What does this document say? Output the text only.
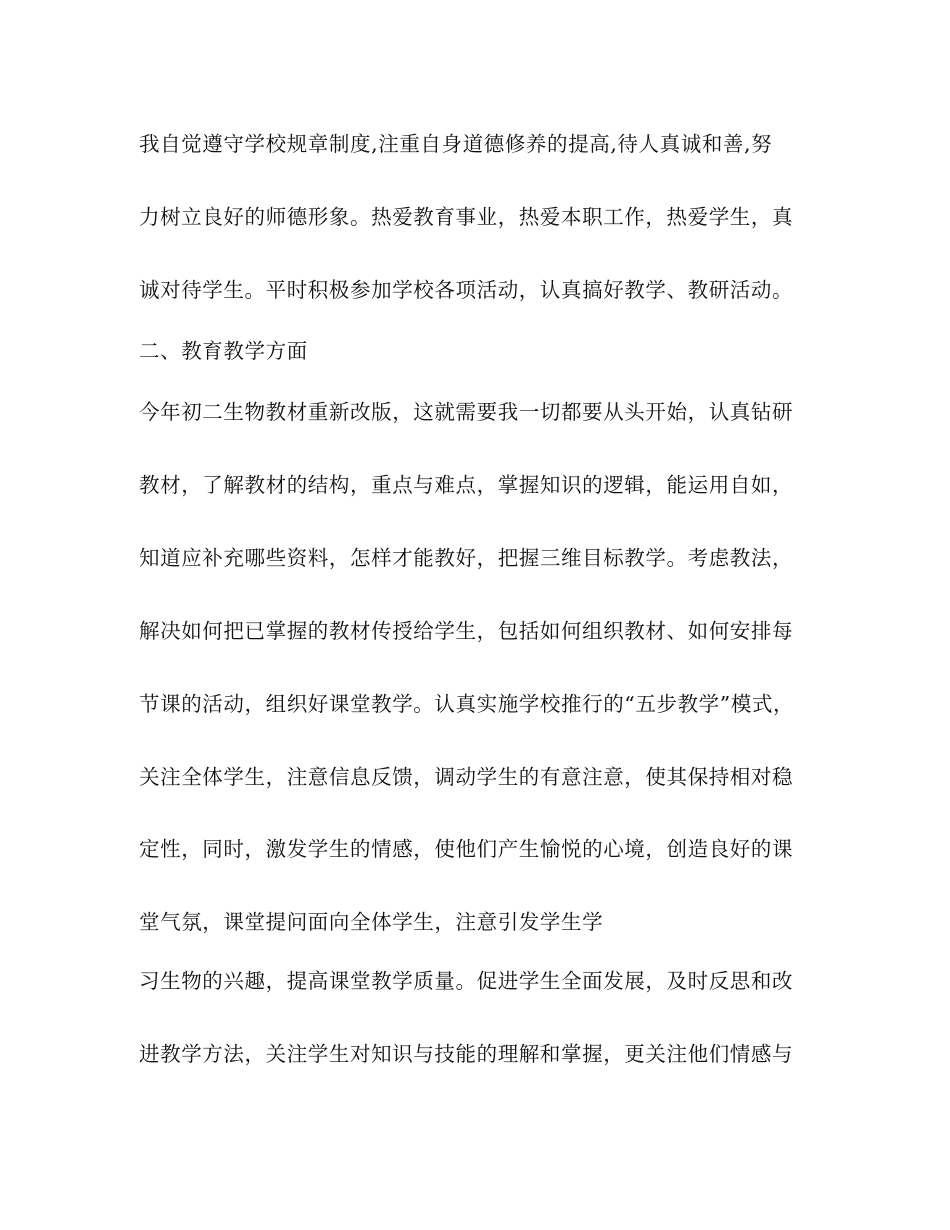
我自觉遵守学校规章制度,注重自身道德修养的提高,待人真诚和善,努
力树立良好的师德形象。热爱教育事业，热爱本职工作，热爱学生，真
诚对待学生。平时积极参加学校各项活动，认真搞好教学、教研活动。
二、教育教学方面
今年初二生物教材重新改版，这就需要我一切都要从头开始，认真钻研
教材，了解教材的结构，重点与难点，掌握知识的逻辑，能运用自如，
知道应补充哪些资料，怎样才能教好，把握三维目标教学。考虑教法，
解决如何把已掌握的教材传授给学生，包括如何组织教材、如何安排每
节课的活动，组织好课堂教学。认真实施学校推行的“五步教学”模式，
关注全体学生，注意信息反馈，调动学生的有意注意，使其保持相对稳
定性，同时，激发学生的情感，使他们产生愉悦的心境，创造良好的课
堂气氛，课堂提问面向全体学生，注意引发学生学
习生物的兴趣，提高课堂教学质量。促进学生全面发展，及时反思和改
进教学方法，关注学生对知识与技能的理解和掌握，更关注他们情感与
